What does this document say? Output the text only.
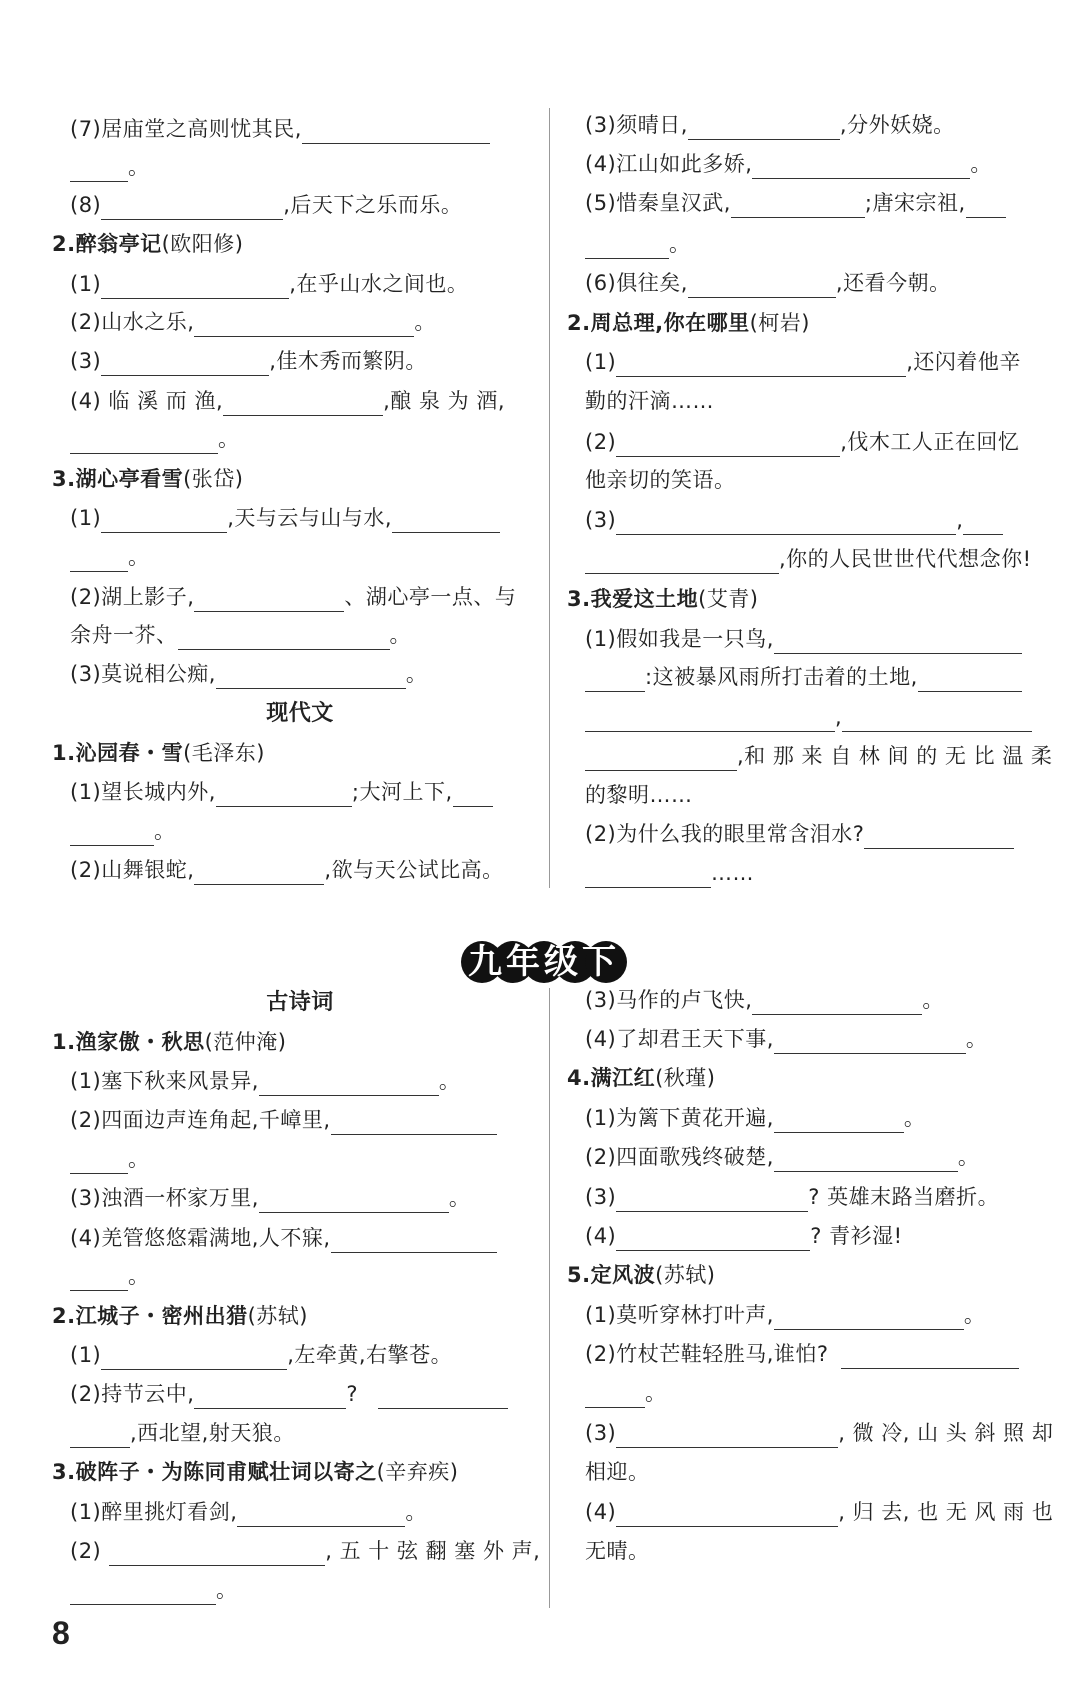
(7)居庙堂之高则忧其民,
。
(8)	,后天下之乐而乐。
2.醉翁亭记(欧阳修)
(1)	,在乎山水之间也。
(2)山水之乐,	。
(3)	,佳木秀而繁阴。
(4) 临 溪 而 渔,	,酿 泉 为 酒,
。
3.湖心亭看雪(张岱)
(1)	,天与云与山与水,
。
(2)湖上影子,	、湖心亭一点、与
余舟一芥、	。
(3)莫说相公痴,	。
现代文
1.沁园春・雪(毛泽东)
(1)望长城内外,	;大河上下,
。
(2)山舞银蛇,	,欲与天公试比高。
(3)须晴日,	,分外妖娆。
(4)江山如此多娇,	。
(5)惜秦皇汉武,	;唐宋宗祖,
。
(6)俱往矣,	,还看今朝。
2.周总理,你在哪里(柯岩)
(1)	,还闪着他辛
勤的汗滴……
(2)	,伐木工人正在回忆
他亲切的笑语。
(3)	,
,你的人民世世代代想念你!
3.我爱这土地(艾青)
(1)假如我是一只鸟,
:这被暴风雨所打击着的土地,
,
,和 那 来 自 林 间 的 无 比 温 柔
的黎明……
(2)为什么我的眼里常含泪水?
……
九年级下册
古诗词
1.渔家傲・秋思(范仲淹)
(1)塞下秋来风景异,	。
(2)四面边声连角起,千嶂里,
。
(3)浊酒一杯家万里,	。
(4)羌管悠悠霜满地,人不寐,
。
2.江城子・密州出猎(苏轼)
(1)	,左牵黄,右擎苍。
(2)持节云中,	?
,西北望,射天狼。
3.破阵子・为陈同甫赋壮词以寄之(辛弃疾)
(1)醉里挑灯看剑,	。
(2)	, 五 十 弦 翻 塞 外 声,
。
(3)马作的卢飞快,	。
(4)了却君王天下事,	。
4.满江红(秋瑾)
(1)为篱下黄花开遍,	。
(2)四面歌残终破楚,	。
(3)	? 英雄末路当磨折。
(4)	? 青衫湿!
5.定风波(苏轼)
(1)莫听穿林打叶声,	。
(2)竹杖芒鞋轻胜马,谁怕?
。
(3)	, 微 冷, 山 头 斜 照 却
相迎。
(4)	, 归 去, 也 无 风 雨 也
无晴。
8
